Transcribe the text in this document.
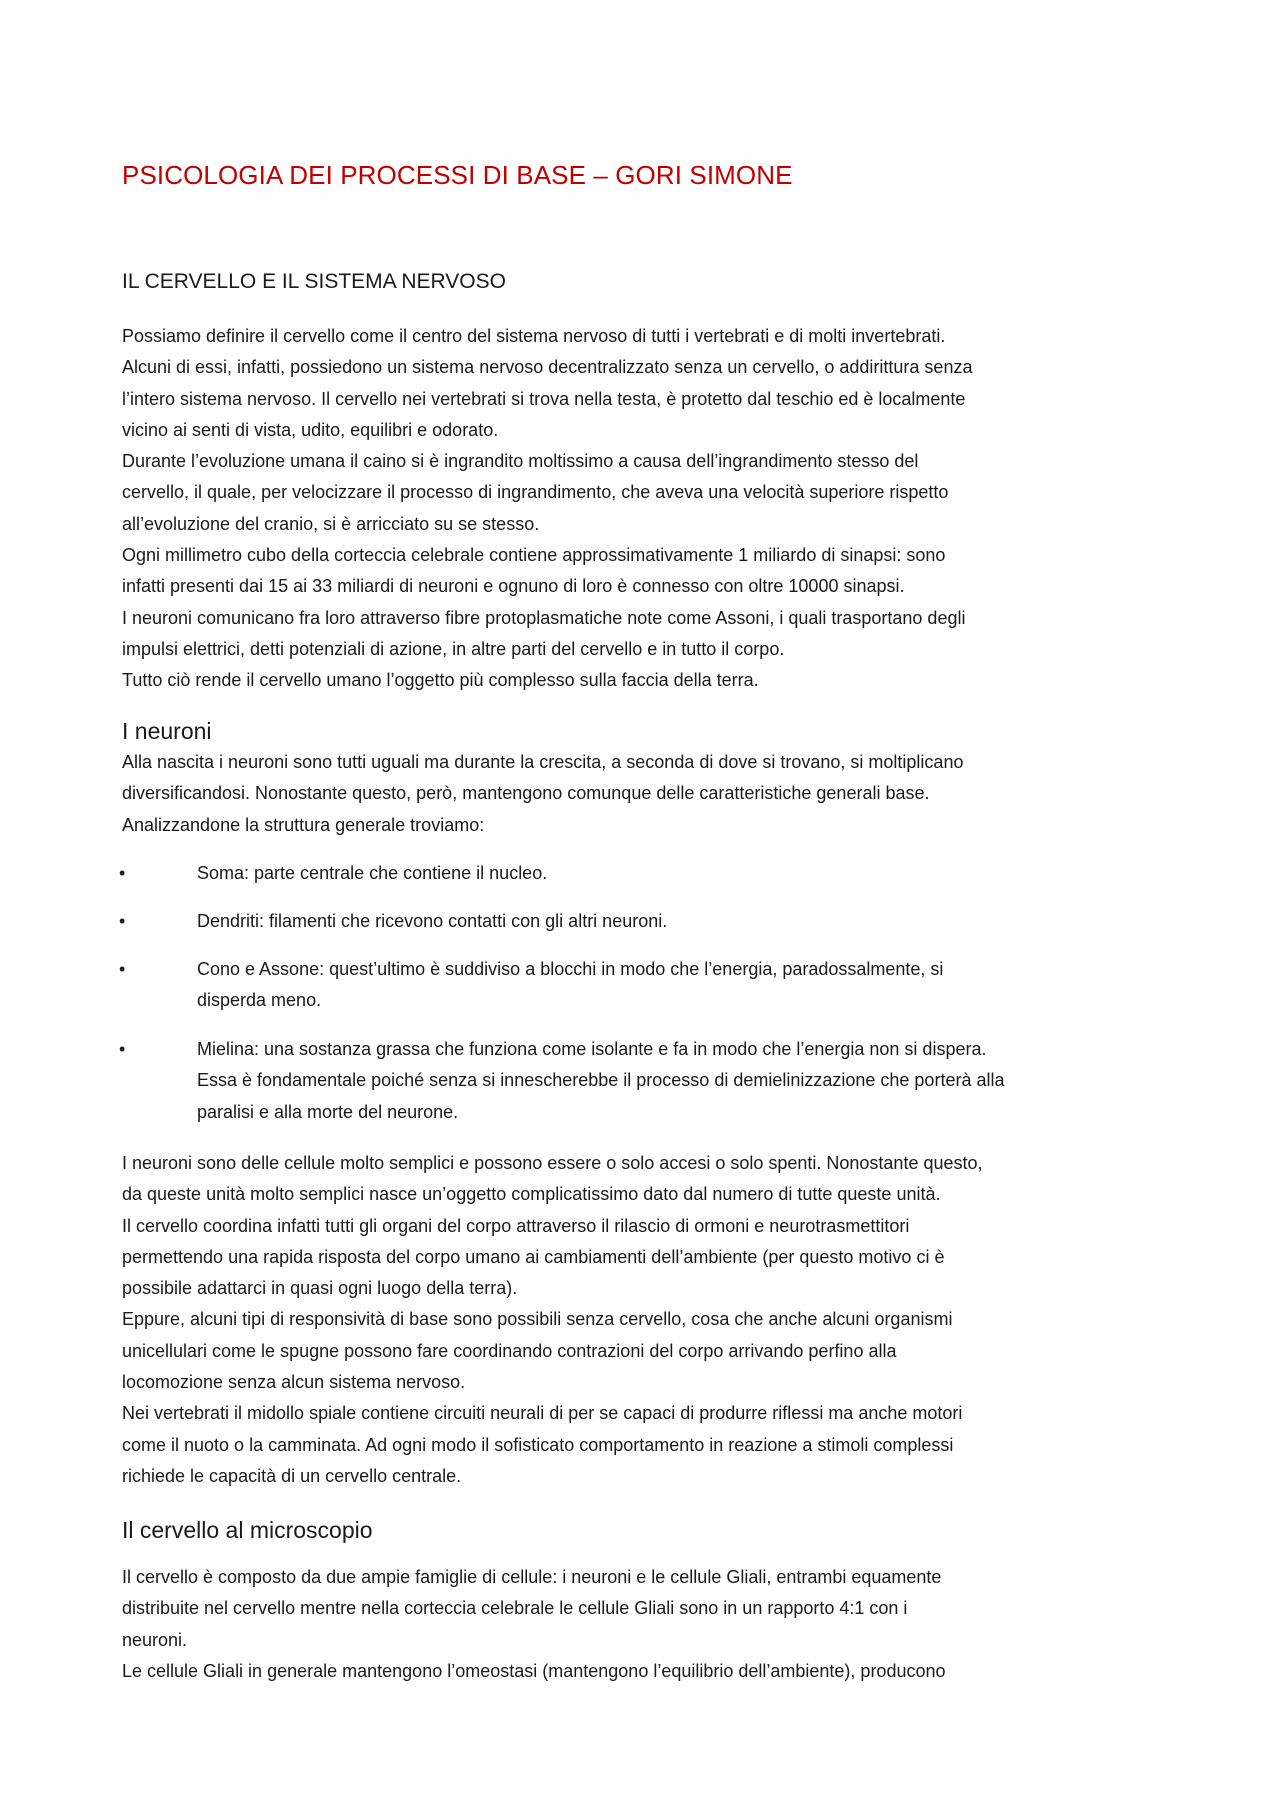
PSICOLOGIA DEI PROCESSI DI BASE – GORI SIMONE
IL CERVELLO E IL SISTEMA NERVOSO

Possiamo definire il cervello come il centro del sistema nervoso di tutti i vertebrati e di molti invertebrati.

Alcuni di essi, infatti, possiedono un sistema nervoso decentralizzato senza un cervello, o addirittura senza

l’intero sistema nervoso. Il cervello nei vertebrati si trova nella testa, è protetto dal teschio ed è localmente

vicino ai senti di vista, udito, equilibri e odorato.

Durante l’evoluzione umana il caino si è ingrandito moltissimo a causa dell’ingrandimento stesso del

cervello, il quale, per velocizzare il processo di ingrandimento, che aveva una velocità superiore rispetto

all’evoluzione del cranio, si è arricciato su se stesso.

Ogni millimetro cubo della corteccia celebrale contiene approssimativamente 1 miliardo di sinapsi: sono

infatti presenti dai 15 ai 33 miliardi di neuroni e ognuno di loro è connesso con oltre 10000 sinapsi.

I neuroni comunicano fra loro attraverso fibre protoplasmatiche note come Assoni, i quali trasportano degli

impulsi elettrici, detti potenziali di azione, in altre parti del cervello e in tutto il corpo.

Tutto ciò rende il cervello umano l’oggetto più complesso sulla faccia della terra.

I neuroni

Alla nascita i neuroni sono tutti uguali ma durante la crescita, a seconda di dove si trovano, si moltiplicano

diversificandosi. Nonostante questo, però, mantengono comunque delle caratteristiche generali base.

Analizzandone la struttura generale troviamo:

•	Soma: parte centrale che contiene il nucleo.
•	Dendriti: filamenti che ricevono contatti con gli altri neuroni.
•	Cono e Assone: quest’ultimo è suddiviso a blocchi in modo che l’energia, paradossalmente, si
disperda meno.
•	Mielina: una sostanza grassa che funziona come isolante e fa in modo che l’energia non si dispera.
Essa è fondamentale poiché senza si innescherebbe il processo di demielinizzazione che porterà alla
paralisi e alla morte del neurone.

I neuroni sono delle cellule molto semplici e possono essere o solo accesi o solo spenti. Nonostante questo,

da queste unità molto semplici nasce un’oggetto complicatissimo dato dal numero di tutte queste unità.

Il cervello coordina infatti tutti gli organi del corpo attraverso il rilascio di ormoni e neurotrasmettitori

permettendo una rapida risposta del corpo umano ai cambiamenti dell’ambiente (per questo motivo ci è

possibile adattarci in quasi ogni luogo della terra).

Eppure, alcuni tipi di responsività di base sono possibili senza cervello, cosa che anche alcuni organismi

unicellulari come le spugne possono fare coordinando contrazioni del corpo arrivando perfino alla

locomozione senza alcun sistema nervoso.

Nei vertebrati il midollo spiale contiene circuiti neurali di per se capaci di produrre riflessi ma anche motori

come il nuoto o la camminata. Ad ogni modo il sofisticato comportamento in reazione a stimoli complessi

richiede le capacità di un cervello centrale.

Il cervello al microscopio

Il cervello è composto da due ampie famiglie di cellule: i neuroni e le cellule Gliali, entrambi equamente

distribuite nel cervello mentre nella corteccia celebrale le cellule Gliali sono in un rapporto 4:1 con i

neuroni.

Le cellule Gliali in generale mantengono l’omeostasi (mantengono l’equilibrio dell’ambiente), producono
